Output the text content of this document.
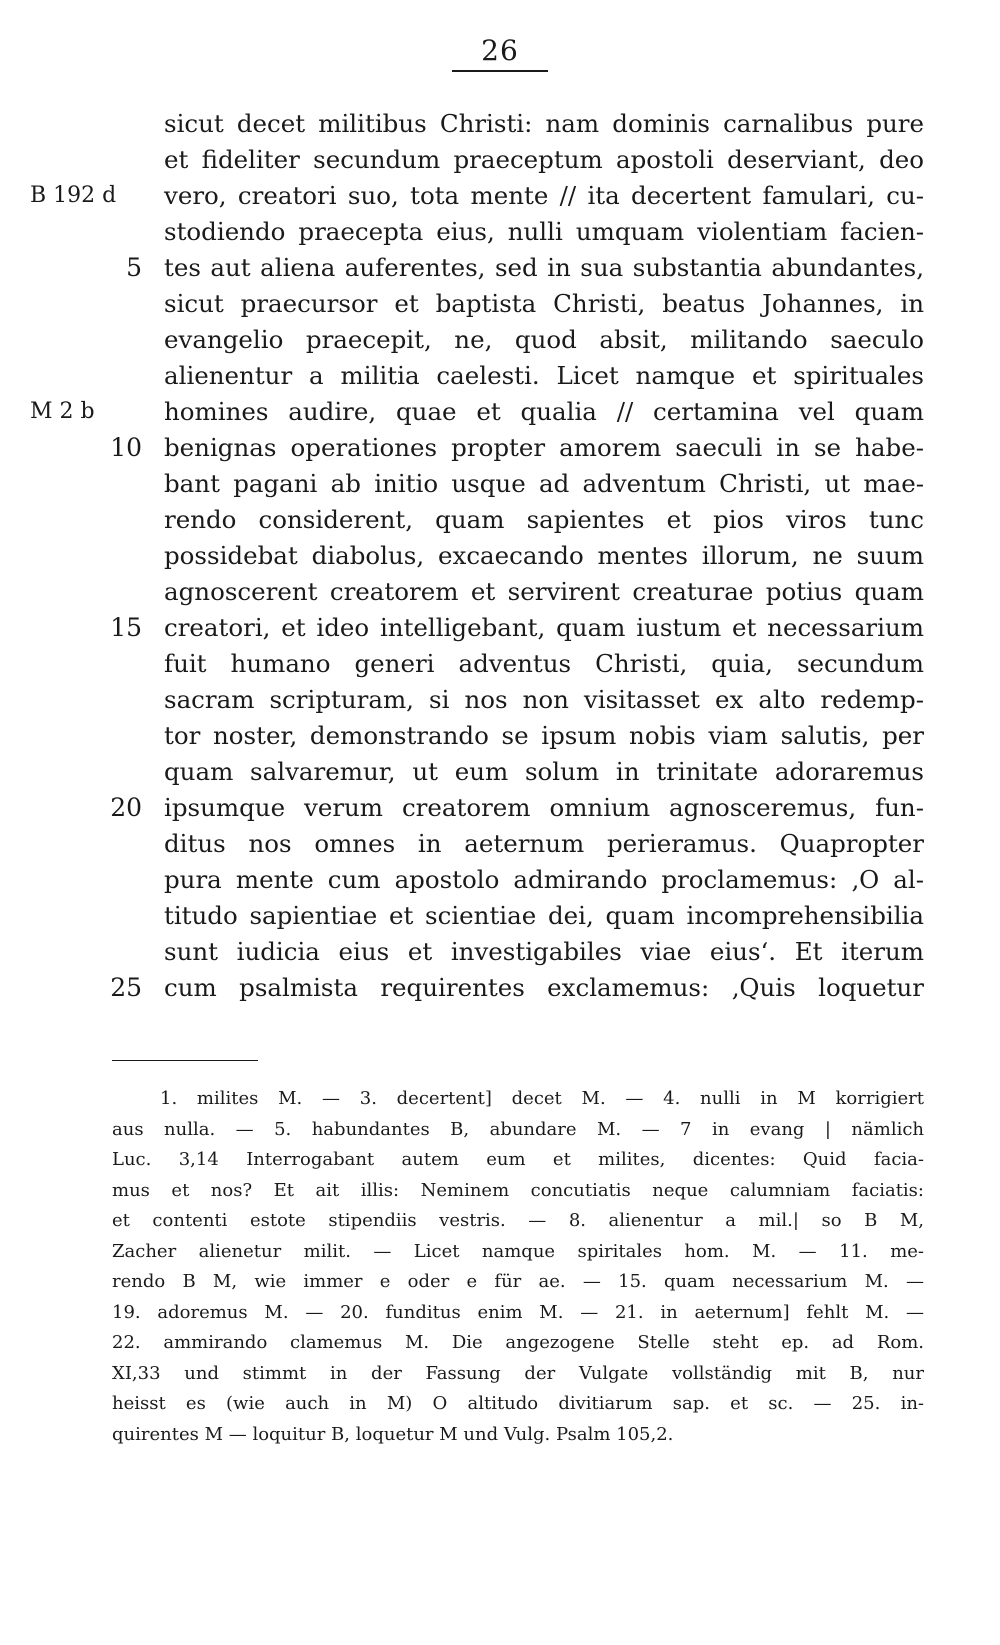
26
sicut decet militibus Christi: nam dominis carnalibus pure
et fideliter secundum praeceptum apostoli deserviant, deo
B 192 d vero, creatori suo, tota mente // ita decertent famulari, cu-
stodiendo praecepta eius, nulli umquam violentiam facien-
5 tes aut aliena auferentes, sed in sua substantia abundantes,
sicut praecursor et baptista Christi, beatus Johannes, in
evangelio praecepit, ne, quod absit, militando saeculo
alienentur a militia caelesti. Licet namque et spirituales
M 2 b	homines audire, quae et qualia // certamina vel quam
10 benignas operationes propter amorem saeculi in se habe-
bant pagani ab initio usque ad adventum Christi, ut mae-
rendo considerent, quam sapientes et pios viros tunc
possidebat diabolus, excaecando mentes illorum, ne suum
agnoscerent creatorem et servirent creaturae potius quam
15 creatori, et ideo intelligebant, quam iustum et necessarium
fuit humano generi adventus Christi, quia, secundum
sacram scripturam, si nos non visitasset ex alto redemp-
tor noster, demonstrando se ipsum nobis viam salutis, per
quam salvaremur, ut eum solum in trinitate adoraremus
20 ipsumque verum creatorem omnium agnosceremus, fun-
ditus nos omnes in aeternum perieramus. Quapropter
pura mente cum apostolo admirando proclamemus: ‚O al-
titudo sapientiae et scientiae dei, quam incomprehensibilia
sunt iudicia eius et investigabiles viae eius‘. Et iterum
25 cum psalmista requirentes exclamemus: ‚Quis loquetur
1. milites M. — 3. decertent] decet M. — 4. nulli in M korrigiert
aus nulla. — 5. habundantes B, abundare M. — 7 in evang | nämlich
Luc. 3,14 Interrogabant autem eum et milites, dicentes: Quid facia-
mus et nos? Et ait illis: Neminem concutiatis neque calumniam faciatis:
et contenti estote stipendiis vestris. — 8. alienentur a mil.| so B M,
Zacher alienetur milit. — Licet namque spiritales hom. M. — 11. me-
rendo B M, wie immer e oder e für ae. — 15. quam necessarium M. —
19. adoremus M. — 20. funditus enim M. — 21. in aeternum] fehlt M. —
22. ammirando clamemus M. Die angezogene Stelle steht ep. ad Rom.
XI,33 und stimmt in der Fassung der Vulgate vollständig mit B, nur
heisst es (wie auch in M) O altitudo divitiarum sap. et sc. — 25. in-
quirentes M — loquitur B, loquetur M und Vulg. Psalm 105,2.
